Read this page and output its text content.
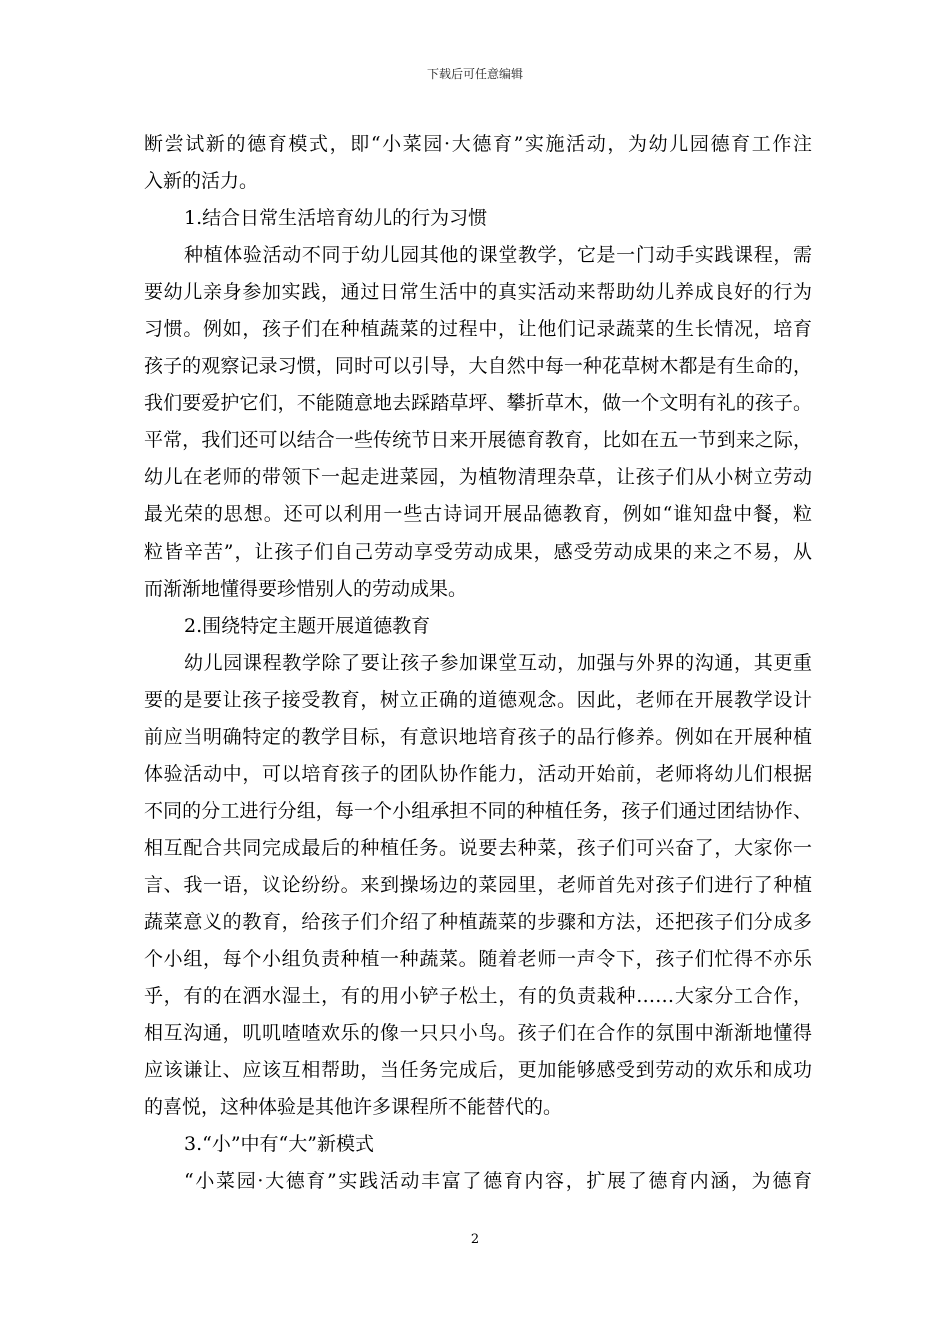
下载后可任意编辑
断尝试新的德育模式，即“小菜园·大德育”实施活动，为幼儿园德育工作注
入新的活力。
1.结合日常生活培育幼儿的行为习惯
种植体验活动不同于幼儿园其他的课堂教学，它是一门动手实践课程，需
要幼儿亲身参加实践，通过日常生活中的真实活动来帮助幼儿养成良好的行为
习惯。例如，孩子们在种植蔬菜的过程中，让他们记录蔬菜的生长情况，培育
孩子的观察记录习惯，同时可以引导，大自然中每一种花草树木都是有生命的，
我们要爱护它们，不能随意地去踩踏草坪、攀折草木，做一个文明有礼的孩子。
平常，我们还可以结合一些传统节日来开展德育教育，比如在五一节到来之际，
幼儿在老师的带领下一起走进菜园，为植物清理杂草，让孩子们从小树立劳动
最光荣的思想。还可以利用一些古诗词开展品德教育，例如“谁知盘中餐，粒
粒皆辛苦”，让孩子们自己劳动享受劳动成果，感受劳动成果的来之不易，从
而渐渐地懂得要珍惜别人的劳动成果。
2.围绕特定主题开展道德教育
幼儿园课程教学除了要让孩子参加课堂互动，加强与外界的沟通，其更重
要的是要让孩子接受教育，树立正确的道德观念。因此，老师在开展教学设计
前应当明确特定的教学目标，有意识地培育孩子的品行修养。例如在开展种植
体验活动中，可以培育孩子的团队协作能力，活动开始前，老师将幼儿们根据
不同的分工进行分组，每一个小组承担不同的种植任务，孩子们通过团结协作、
相互配合共同完成最后的种植任务。说要去种菜，孩子们可兴奋了，大家你一
言、我一语，议论纷纷。来到操场边的菜园里，老师首先对孩子们进行了种植
蔬菜意义的教育，给孩子们介绍了种植蔬菜的步骤和方法，还把孩子们分成多
个小组，每个小组负责种植一种蔬菜。随着老师一声令下，孩子们忙得不亦乐
乎，有的在洒水湿土，有的用小铲子松土，有的负责栽种……大家分工合作，
相互沟通，叽叽喳喳欢乐的像一只只小鸟。孩子们在合作的氛围中渐渐地懂得
应该谦让、应该互相帮助，当任务完成后，更加能够感受到劳动的欢乐和成功
的喜悦，这种体验是其他许多课程所不能替代的。
3.“小”中有“大”新模式
“小菜园·大德育”实践活动丰富了德育内容，扩展了德育内涵，为德育
2
